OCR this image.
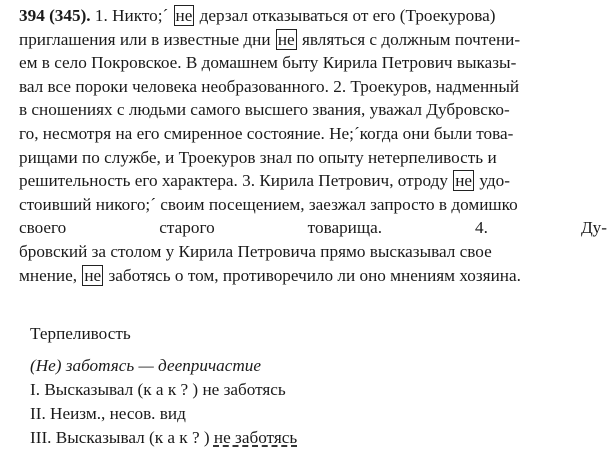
394 (345). 1. Никто;´ не дерзал отказываться от его (Троекурова)
приглашения или в известные дни не являться с должным почтени-
ем в село Покровское. В домашнем быту Кирила Петрович выказы-
вал все пороки человека необразованного. 2. Троекуров, надменный
в сношениях с людьми самого высшего звания, уважал Дубровско-
го, несмотря на его смиренное состояние. Не;´когда они были това-
рищами по службе, и Троекуров знал по опыту нетерпеливость и
решительность его характера. 3. Кирила Петрович, отроду не удо-
стоивший никого;´ своим посещением, заезжал запросто в домишко
своего старого товарища. 4. Ду-
бровский за столом у Кирила Петровича прямо высказывал свое
мнение, не заботясь о том, противоречило ли оно мнениям хозяина.

Терпеливость
(Не) заботясь — деепричастие
I. Высказывал (к а к ? ) не заботясь
II. Неизм., несов. вид
III. Высказывал (к а к ? ) не заботясь
